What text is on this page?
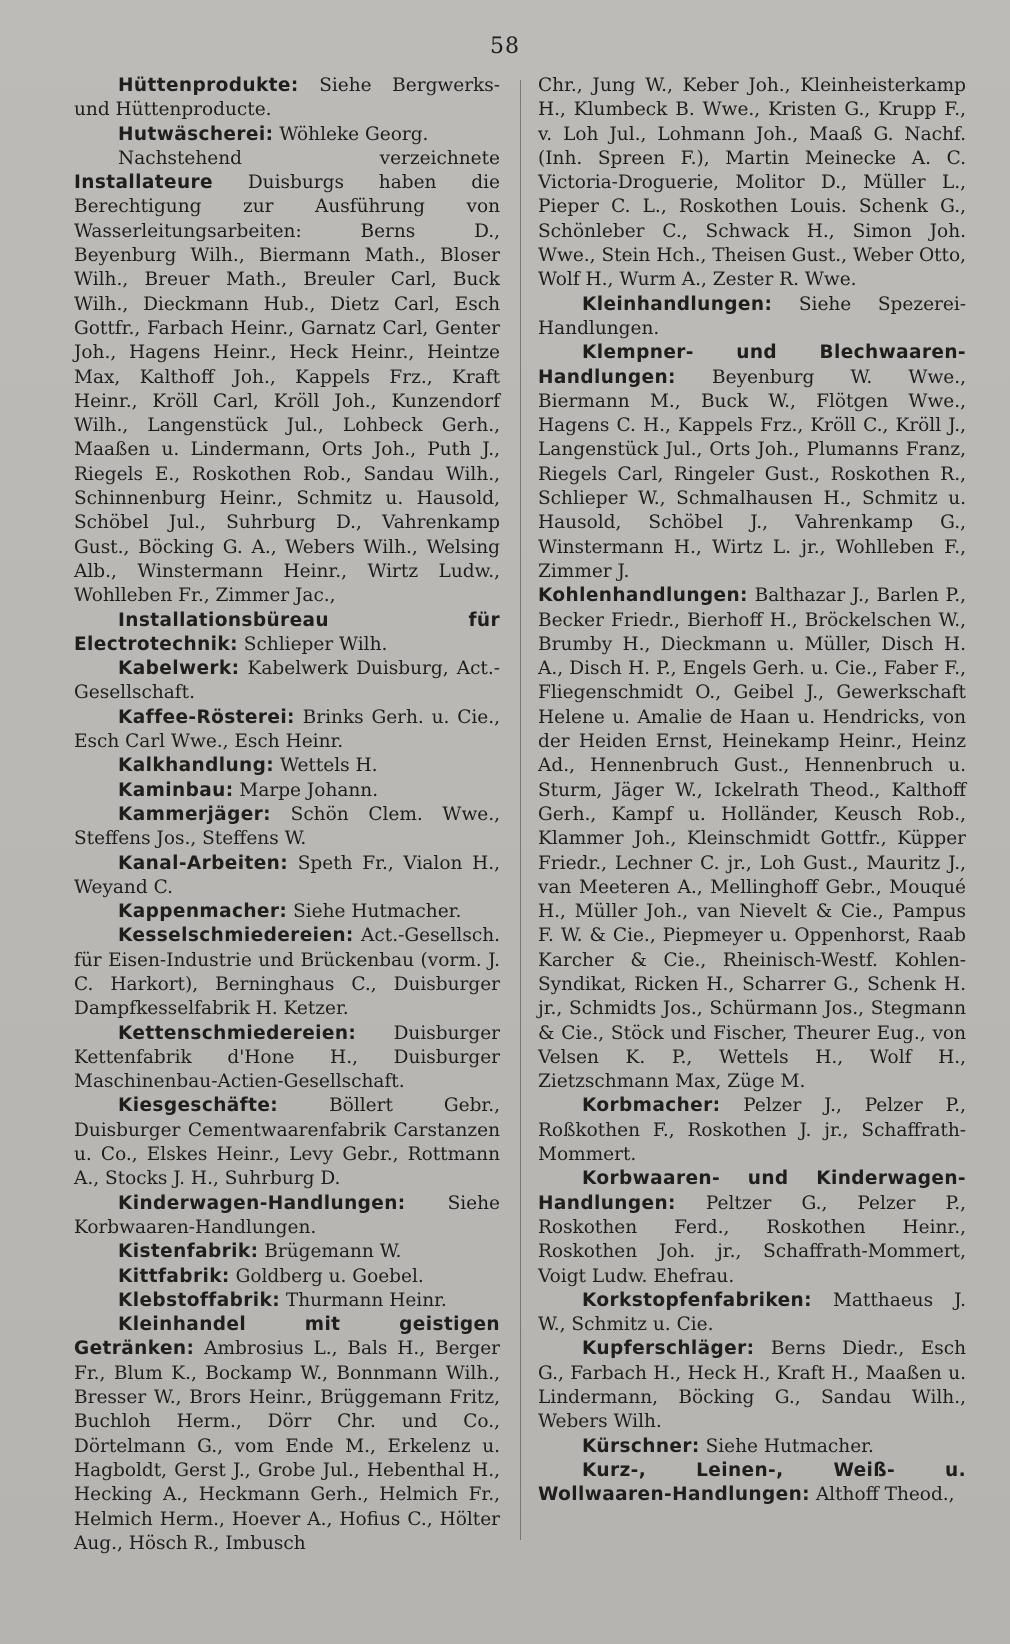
58

Hüttenprodukte: Siehe Bergwerks- und Hüttenproducte.

Hutwäscherei: Wöhleke Georg.

Nachstehend verzeichnete Installateure Duisburgs haben die Berechtigung zur Ausführung von Wasserleitungsarbeiten: Berns D., Beyenburg Wilh., Biermann Math., Bloser Wilh., Breuer Math., Breuler Carl, Buck Wilh., Dieckmann Hub., Dietz Carl, Esch Gottfr., Farbach Heinr., Garnatz Carl, Genter Joh., Hagens Heinr., Heck Heinr., Heintze Max, Kalthoff Joh., Kappels Frz., Kraft Heinr., Kröll Carl, Kröll Joh., Kunzendorf Wilh., Langenstück Jul., Lohbeck Gerh., Maaßen u. Lindermann, Orts Joh., Puth J., Riegels E., Roskothen Rob., Sandau Wilh., Schinnenburg Heinr., Schmitz u. Hausold, Schöbel Jul., Suhrburg D., Vahrenkamp Gust., Böcking G. A., Webers Wilh., Welsing Alb., Winstermann Heinr., Wirtz Ludw., Wohlleben Fr., Zimmer Jac.,

Installationsbüreau für Electrotechnik: Schlieper Wilh.

Kabelwerk: Kabelwerk Duisburg, Act.-Gesellschaft.

Kaffee-Rösterei: Brinks Gerh. u. Cie., Esch Carl Wwe., Esch Heinr.

Kalkhandlung: Wettels H.

Kaminbau: Marpe Johann.

Kammerjäger: Schön Clem. Wwe., Steffens Jos., Steffens W.

Kanal-Arbeiten: Speth Fr., Vialon H., Weyand C.

Kappenmacher: Siehe Hutmacher.

Kesselschmiedereien: Act.-Gesellsch. für Eisen-Industrie und Brückenbau (vorm. J. C. Harkort), Berninghaus C., Duisburger Dampfkesselfabrik H. Ketzer.

Kettenschmiedereien: Duisburger Kettenfabrik d'Hone H., Duisburger Maschinenbau-Actien-Gesellschaft.

Kiesgeschäfte: Böllert Gebr., Duisburger Cementwaarenfabrik Carstanzen u. Co., Elskes Heinr., Levy Gebr., Rottmann A., Stocks J. H., Suhrburg D.

Kinderwagen-Handlungen: Siehe Korbwaaren-Handlungen.

Kistenfabrik: Brügemann W.

Kittfabrik: Goldberg u. Goebel.

Klebstoffabrik: Thurmann Heinr.

Kleinhandel mit geistigen Getränken: Ambrosius L., Bals H., Berger Fr., Blum K., Bockamp W., Bonnmann Wilh., Bresser W., Brors Heinr., Brüggemann Fritz, Buchloh Herm., Dörr Chr. und Co., Dörtelmann G., vom Ende M., Erkelenz u. Hagboldt, Gerst J., Grobe Jul., Hebenthal H., Hecking A., Heckmann Gerh., Helmich Fr., Helmich Herm., Hoever A., Hofius C., Hölter Aug., Hösch R., Imbusch

Chr., Jung W., Keber Joh., Kleinheisterkamp H., Klumbeck B. Wwe., Kristen G., Krupp F., v. Loh Jul., Lohmann Joh., Maaß G. Nachf. (Inh. Spreen F.), Martin Meinecke A. C. Victoria-Droguerie, Molitor D., Müller L., Pieper C. L., Roskothen Louis. Schenk G., Schönleber C., Schwack H., Simon Joh. Wwe., Stein Hch., Theisen Gust., Weber Otto, Wolf H., Wurm A., Zester R. Wwe.

Kleinhandlungen: Siehe Spezerei-Handlungen.

Klempner- und Blechwaaren-Handlungen: Beyenburg W. Wwe., Biermann M., Buck W., Flötgen Wwe., Hagens C. H., Kappels Frz., Kröll C., Kröll J., Langenstück Jul., Orts Joh., Plumanns Franz, Riegels Carl, Ringeler Gust., Roskothen R., Schlieper W., Schmalhausen H., Schmitz u. Hausold, Schöbel J., Vahrenkamp G., Winstermann H., Wirtz L. jr., Wohlleben F., Zimmer J.

Kohlenhandlungen: Balthazar J., Barlen P., Becker Friedr., Bierhoff H., Bröckelschen W., Brumby H., Dieckmann u. Müller, Disch H. A., Disch H. P., Engels Gerh. u. Cie., Faber F., Fliegenschmidt O., Geibel J., Gewerkschaft Helene u. Amalie de Haan u. Hendricks, von der Heiden Ernst, Heinekamp Heinr., Heinz Ad., Hennenbruch Gust., Hennenbruch u. Sturm, Jäger W., Ickelrath Theod., Kalthoff Gerh., Kampf u. Holländer, Keusch Rob., Klammer Joh., Kleinschmidt Gottfr., Küpper Friedr., Lechner C. jr., Loh Gust., Mauritz J., van Meeteren A., Mellinghoff Gebr., Mouqué H., Müller Joh., van Nievelt & Cie., Pampus F. W. & Cie., Piepmeyer u. Oppenhorst, Raab Karcher & Cie., Rheinisch-Westf. Kohlen-Syndikat, Ricken H., Scharrer G., Schenk H. jr., Schmidts Jos., Schürmann Jos., Stegmann & Cie., Stöck und Fischer, Theurer Eug., von Velsen K. P., Wettels H., Wolf H., Zietzschmann Max, Züge M.

Korbmacher: Pelzer J., Pelzer P., Roßkothen F., Roskothen J. jr., Schaffrath-Mommert.

Korbwaaren- und Kinderwagen-Handlungen: Peltzer G., Pelzer P., Roskothen Ferd., Roskothen Heinr., Roskothen Joh. jr., Schaffrath-Mommert, Voigt Ludw. Ehefrau.

Korkstopfenfabriken: Matthaeus J. W., Schmitz u. Cie.

Kupferschläger: Berns Diedr., Esch G., Farbach H., Heck H., Kraft H., Maaßen u. Lindermann, Böcking G., Sandau Wilh., Webers Wilh.

Kürschner: Siehe Hutmacher.

Kurz-, Leinen-, Weiß- u. Wollwaaren-Handlungen: Althoff Theod.,
